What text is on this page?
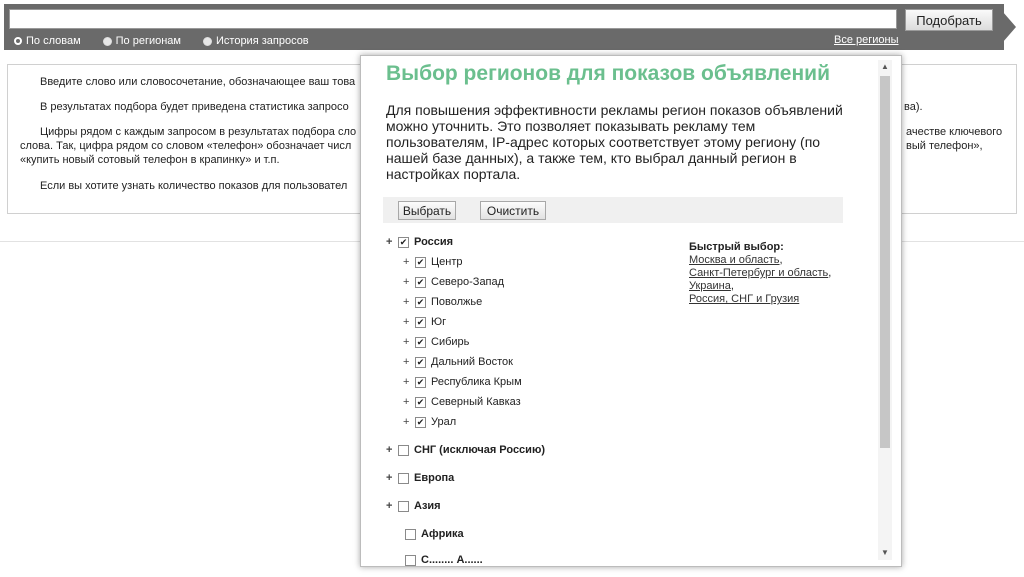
Подобрать
По словам	По регионам	История запросов	Все регионы
Введите слово или словосочетание, обозначающее ваш това
В результатах подбора будет приведена статистика запросо	ва).
Цифры рядом с каждым запросом в результатах подбора сло	ачестве ключевого
слова. Так, цифра рядом со словом «телефон» обозначает числ	вый телефон»,
«купить новый сотовый телефон в крапинку» и т.п.
Если вы хотите узнать количество показов для пользовател
Выбор регионов для показов объявлений
Для повышения эффективности рекламы регион показов объявлений можно уточнить. Это позволяет показывать рекламу тем пользователям, IP-адрес которых соответствует этому региону (по нашей базе данных), а также тем, кто выбрал данный регион в настройках портала.
Выбрать	Очистить
+ ✔ Россия
+ ✔ Центр
+ ✔ Северо-Запад
+ ✔ Поволжье
+ ✔ Юг
+ ✔ Сибирь
+ ✔ Дальний Восток
+ ✔ Республика Крым
+ ✔ Северный Кавказ
+ ✔ Урал
+	СНГ (исключая Россию)
+	Европа
+	Азия
Африка
С........ А......
Быстрый выбор:
Москва и область,
Санкт-Петербург и область,
Украина,
Россия, СНГ и Грузия
▲
▼
